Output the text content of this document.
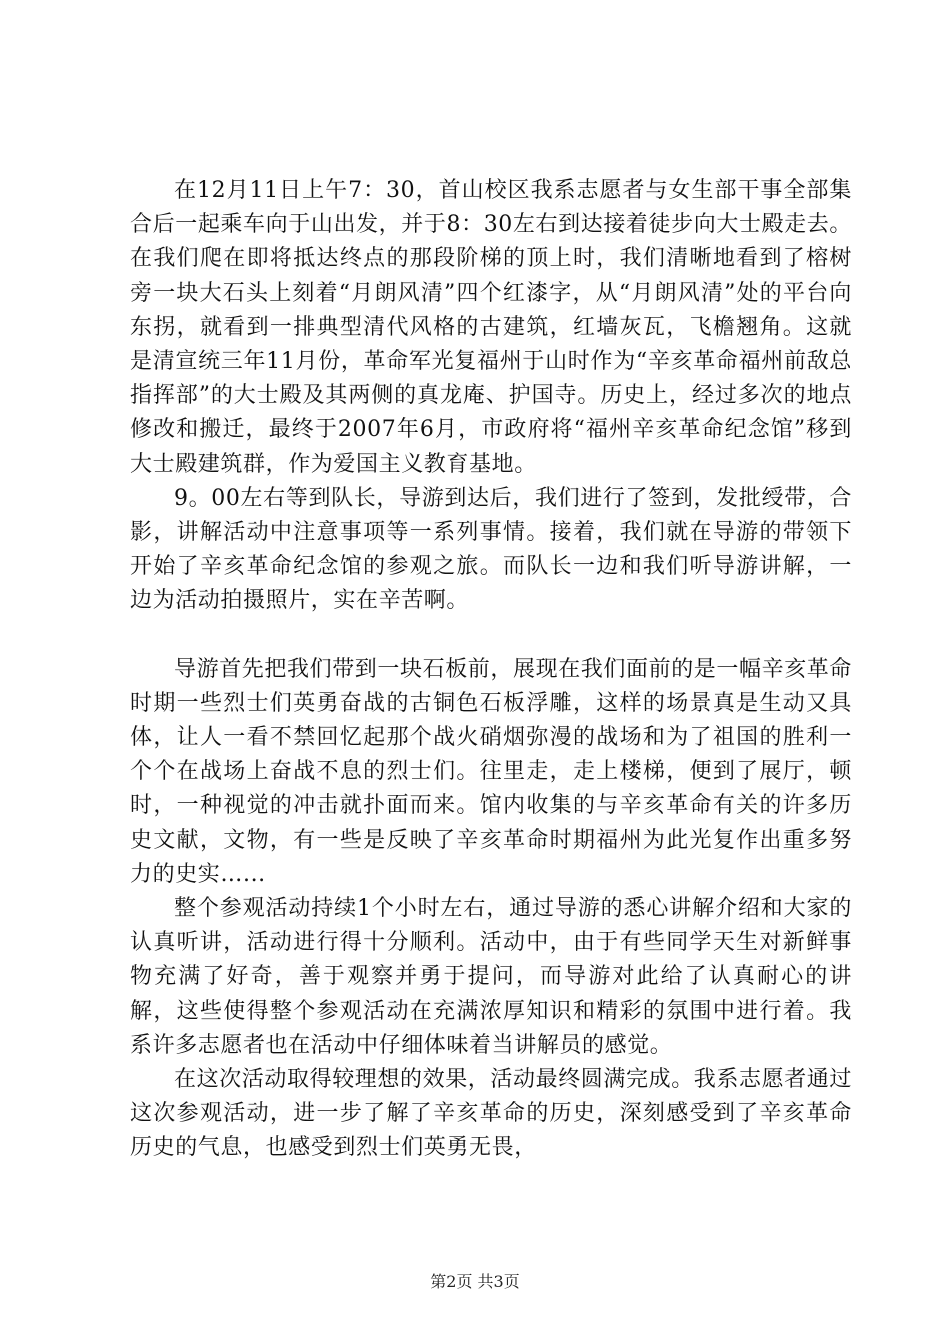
在12月11日上午7：30，首山校区我系志愿者与女生部干事全部集合后一起乘车向于山出发，并于8：30左右到达接着徒步向大士殿走去。在我们爬在即将抵达终点的那段阶梯的顶上时，我们清晰地看到了榕树旁一块大石头上刻着“月朗风清”四个红漆字，从“月朗风清”处的平台向东拐，就看到一排典型清代风格的古建筑，红墙灰瓦，飞檐翘角。这就是清宣统三年11月份，革命军光复福州于山时作为“辛亥革命福州前敌总指挥部”的大士殿及其两侧的真龙庵、护国寺。历史上，经过多次的地点修改和搬迁，最终于2007年6月，市政府将“福州辛亥革命纪念馆”移到大士殿建筑群，作为爱国主义教育基地。

9。00左右等到队长，导游到达后，我们进行了签到，发批绶带，合影，讲解活动中注意事项等一系列事情。接着，我们就在导游的带领下开始了辛亥革命纪念馆的参观之旅。而队长一边和我们听导游讲解，一边为活动拍摄照片，实在辛苦啊。

导游首先把我们带到一块石板前，展现在我们面前的是一幅辛亥革命时期一些烈士们英勇奋战的古铜色石板浮雕，这样的场景真是生动又具体，让人一看不禁回忆起那个战火硝烟弥漫的战场和为了祖国的胜利一个个在战场上奋战不息的烈士们。往里走，走上楼梯，便到了展厅，顿时，一种视觉的冲击就扑面而来。馆内收集的与辛亥革命有关的许多历史文献，文物，有一些是反映了辛亥革命时期福州为此光复作出重多努力的史实…...

整个参观活动持续1个小时左右，通过导游的悉心讲解介绍和大家的认真听讲，活动进行得十分顺利。活动中，由于有些同学天生对新鲜事物充满了好奇，善于观察并勇于提问，而导游对此给了认真耐心的讲解，这些使得整个参观活动在充满浓厚知识和精彩的氛围中进行着。我系许多志愿者也在活动中仔细体味着当讲解员的感觉。

在这次活动取得较理想的效果，活动最终圆满完成。我系志愿者通过这次参观活动，进一步了解了辛亥革命的历史，深刻感受到了辛亥革命历史的气息，也感受到烈士们英勇无畏，

第2页 共3页
